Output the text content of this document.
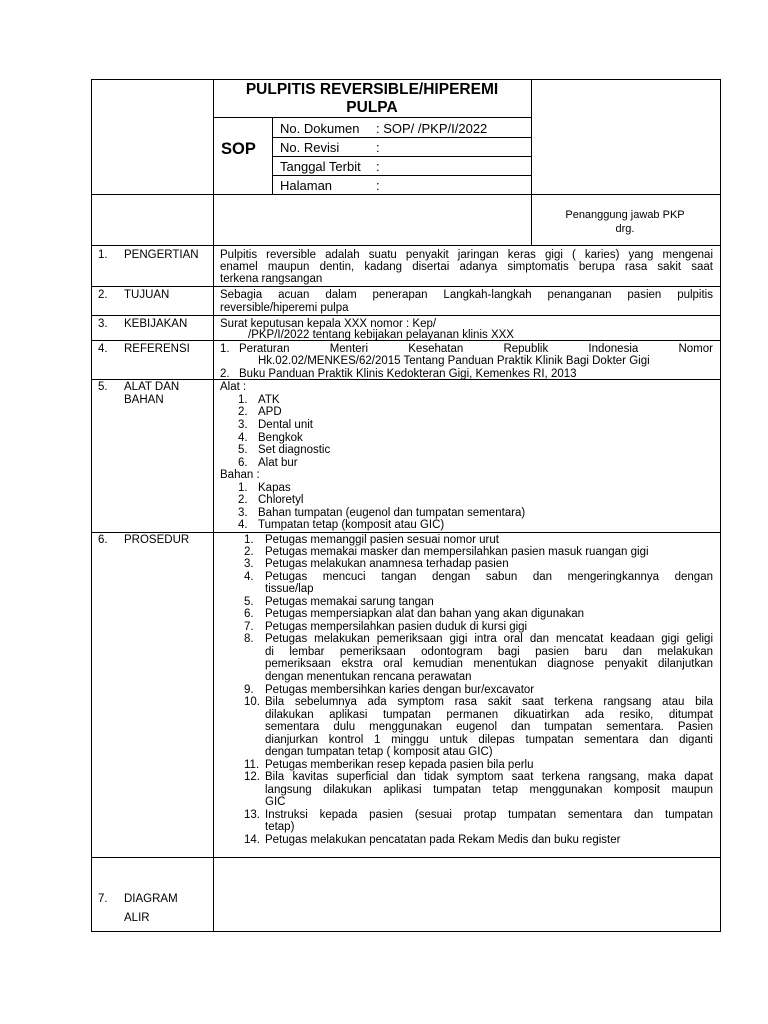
PULPITIS REVERSIBLE/HIPEREMI
PULPA
SOP
No. Dokumen : SOP/ /PKP/I/2022
No. Revisi	:
Tanggal Terbit :
Halaman	:
Penanggung jawab PKP
drg.
1. PENGERTIAN Pulpitis reversible adalah suatu penyakit jaringan keras gigi ( karies) yang mengenai
enamel maupun dentin, kadang disertai adanya simptomatis berupa rasa sakit saat
terkena rangsangan
2. TUJUAN	Sebagia acuan dalam penerapan Langkah-langkah penanganan pasien pulpitis
reversible/hiperemi pulpa
3. KEBIJAKAN	Surat keputusan kepala XXX nomor : Kep/
/PKP/I/2022 tentang kebijakan pelayanan klinis XXX
4. REFERENSI	1. Peraturan Menteri Kesehatan Republik Indonesia Nomor
Hk.02.02/MENKES/62/2015 Tentang Panduan Praktik Klinik Bagi Dokter Gigi
2. Buku Panduan Praktik Klinis Kedokteran Gigi, Kemenkes RI, 2013
5. ALAT DAN
BAHAN
Alat :
1. ATK
2. APD
3. Dental unit
4. Bengkok
5. Set diagnostic
6. Alat bur
Bahan :
1. Kapas
2. Chloretyl
3. Bahan tumpatan (eugenol dan tumpatan sementara)
4. Tumpatan tetap (komposit atau GIC)
6. PROSEDUR	1. Petugas memanggil pasien sesuai nomor urut
2. Petugas memakai masker dan mempersilahkan pasien masuk ruangan gigi
3. Petugas melakukan anamnesa terhadap pasien
4. Petugas mencuci tangan dengan sabun dan mengeringkannya dengan
tissue/lap
5. Petugas memakai sarung tangan
6. Petugas mempersiapkan alat dan bahan yang akan digunakan
7. Petugas mempersilahkan pasien duduk di kursi gigi
8. Petugas melakukan pemeriksaan gigi intra oral dan mencatat keadaan gigi geligi
di lembar pemeriksaan odontogram bagi pasien baru dan melakukan
pemeriksaan ekstra oral kemudian menentukan diagnose penyakit dilanjutkan
dengan menentukan rencana perawatan
9. Petugas membersihkan karies dengan bur/excavator
10. Bila sebelumnya ada symptom rasa sakit saat terkena rangsang atau bila
dilakukan aplikasi tumpatan permanen dikuatirkan ada resiko, ditumpat
sementara dulu menggunakan eugenol dan tumpatan sementara. Pasien
dianjurkan kontrol 1 minggu untuk dilepas tumpatan sementara dan diganti
dengan tumpatan tetap ( komposit atau GIC)
11. Petugas memberikan resep kepada pasien bila perlu
12. Bila kavitas superficial dan tidak symptom saat terkena rangsang, maka dapat
langsung dilakukan aplikasi tumpatan tetap menggunakan komposit maupun
GIC
13. Instruksi kepada pasien (sesuai protap tumpatan sementara dan tumpatan
tetap)
14. Petugas melakukan pencatatan pada Rekam Medis dan buku register
7. DIAGRAM
ALIR
